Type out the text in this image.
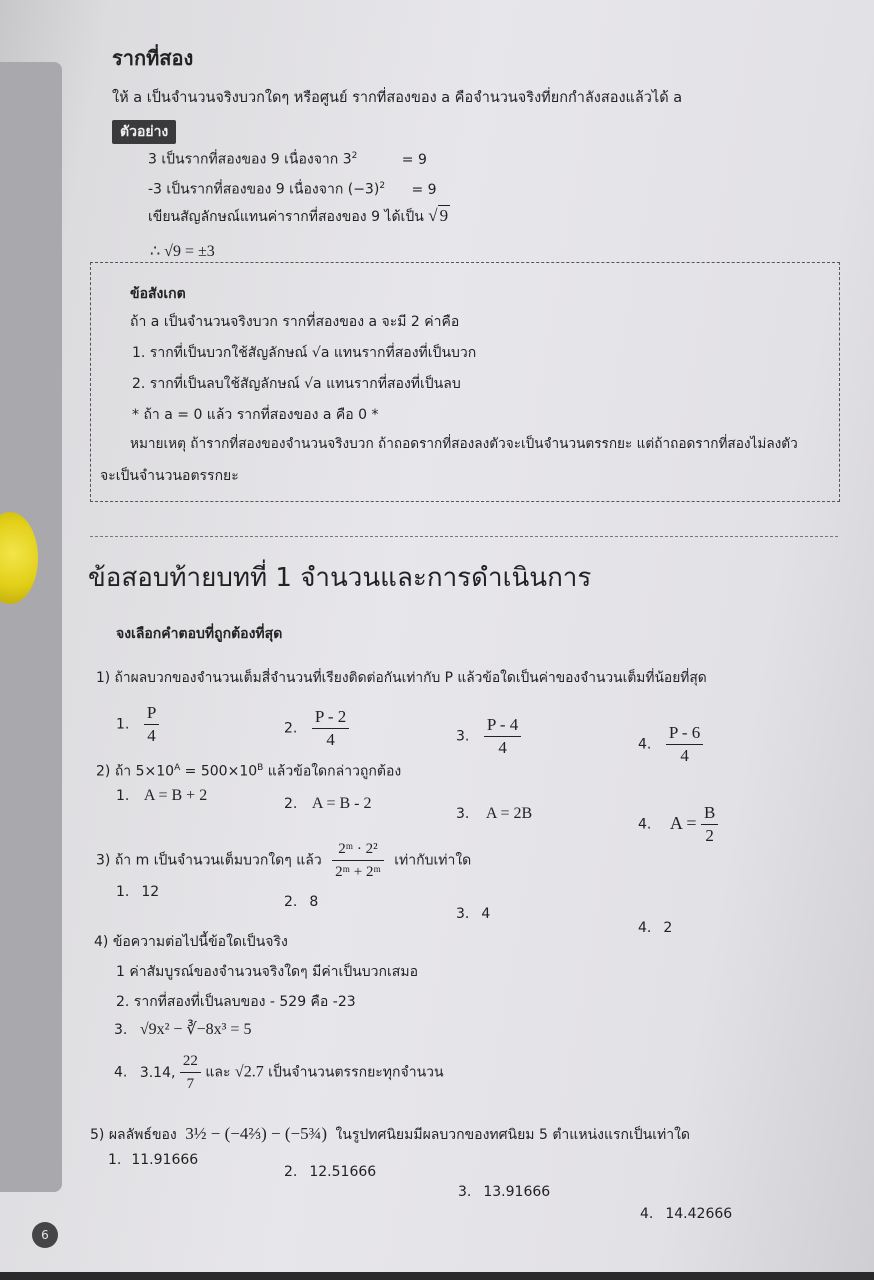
รากที่สอง
ให้ a เป็นจำนวนจริงบวกใดๆ หรือศูนย์ รากที่สองของ a คือจำนวนจริงที่ยกกำลังสองแล้วได้ a
ตัวอย่าง
3 เป็นรากที่สองของ 9 เนื่องจาก $3^2$	= 9
-3 เป็นรากที่สองของ 9 เนื่องจาก $(-3)^2 = 9$
เขียนสัญลักษณ์แทนค่ารากที่สองของ 9 ได้เป็น √ 9
∴ √9 = ±3
ข้อสังเกต
ถ้า a เป็นจำนวนจริงบวก รากที่สองของ a จะมี 2 ค่าคือ
1. รากที่เป็นบวกใช้สัญลักษณ์ √a แทนรากที่สองที่เป็นบวก
2. รากที่เป็นลบใช้สัญลักษณ์ √a แทนรากที่สองที่เป็นลบ
* ถ้า a = 0 แล้ว รากที่สองของ a คือ 0 *
หมายเหตุ ถ้ารากที่สองของจำนวนจริงบวก ถ้าถอดรากที่สองลงตัวจะเป็นจำนวนตรรกยะ แต่ถ้าถอดรากที่สองไม่ลงตัว
จะเป็นจำนวนอตรรกยะ
ข้อสอบท้ายบทที่ 1 จำนวนและการดำเนินการ
จงเลือกคำตอบที่ถูกต้องที่สุด
1) ถ้าผลบวกของจำนวนเต็มสี่จำนวนที่เรียงติดต่อกันเท่ากับ P แล้วข้อใดเป็นค่าของจำนวนเต็มที่น้อยที่สุด
1. $\frac{P}{4}$	2. $\frac{P - 2}{4}$	3. $\frac{P - 4}{4}$	4. $\frac{P - 6}{4}$
2) ถ้า $5\times 10^A = 500\times 10^B$ แล้วข้อใดกล่าวถูกต้อง
1. A = B + 2	2. A = B - 2
3. A = 2B
4. $A = \frac{B}{2}$
3) ถ้า m เป็นจำนวนเต็มบวกใดๆ แล้ว $\frac{\text{2ᵐ · 2²}}{\text{2ᵐ + 2ᵐ}}$ เท่ากับเท่าใด
1. 12
2. 8
3. 4
4. 2
4) ข้อความต่อไปนี้ข้อใดเป็นจริง
1 ค่าสัมบูรณ์ของจำนวนจริงใดๆ มีค่าเป็นบวกเสมอ
2. รากที่สองที่เป็นลบของ - 529 คือ -23
3. √9x² − ∛−8x³ = 5
4. 3.14, $\frac{22}{7}$ และ √2.7 เป็นจำนวนตรรกยะทุกจำนวน
5) ผลลัพธ์ของ 3½ − (−4⅔) − (−5¾) ในรูปทศนิยมมีผลบวกของทศนิยม 5 ตำแหน่งแรกเป็นเท่าใด
1. 11.91666
2. 12.51666
3. 13.91666
4. 14.42666
6
